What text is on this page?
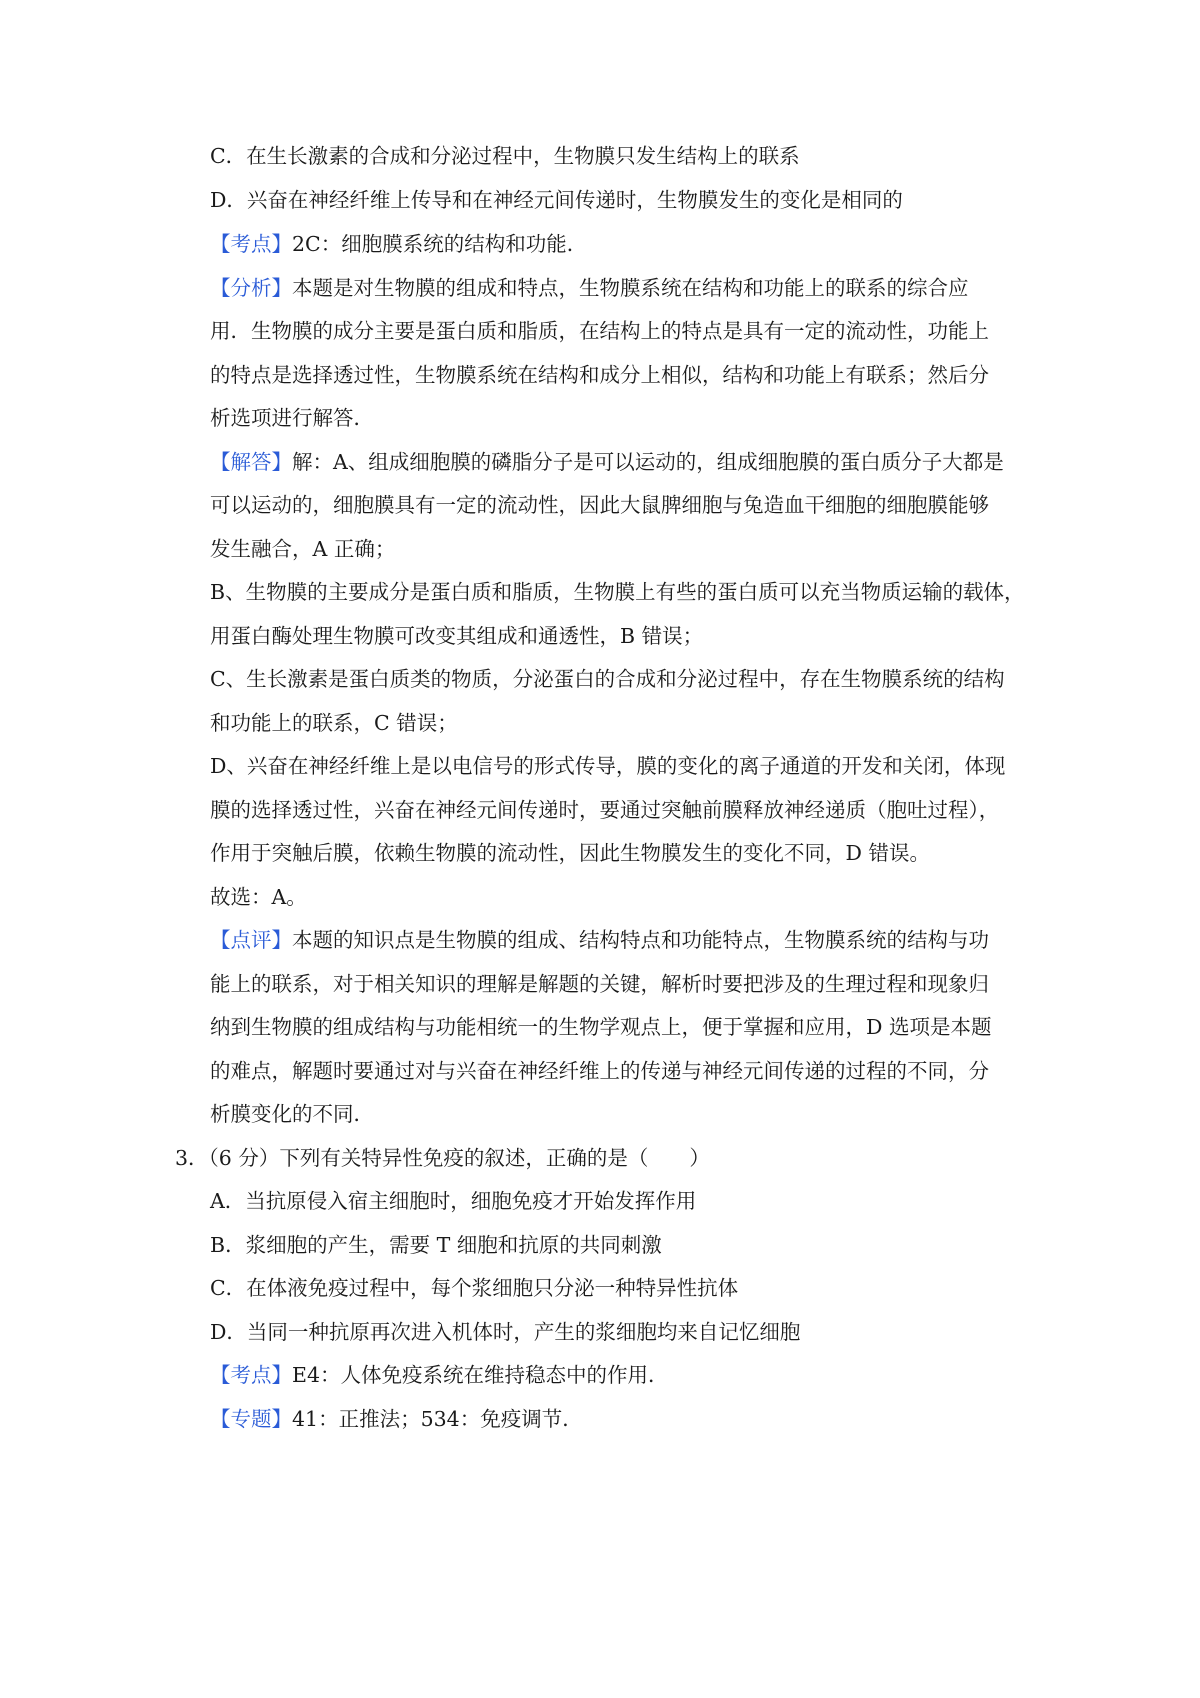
C．在生长激素的合成和分泌过程中，生物膜只发生结构上的联系
D．兴奋在神经纤维上传导和在神经元间传递时，生物膜发生的变化是相同的
【考点】2C：细胞膜系统的结构和功能．
【分析】本题是对生物膜的组成和特点，生物膜系统在结构和功能上的联系的综合应
用．生物膜的成分主要是蛋白质和脂质，在结构上的特点是具有一定的流动性，功能上
的特点是选择透过性，生物膜系统在结构和成分上相似，结构和功能上有联系；然后分
析选项进行解答．
【解答】解：A、组成细胞膜的磷脂分子是可以运动的，组成细胞膜的蛋白质分子大都是
可以运动的，细胞膜具有一定的流动性，因此大鼠脾细胞与兔造血干细胞的细胞膜能够
发生融合，A 正确；
B、生物膜的主要成分是蛋白质和脂质，生物膜上有些的蛋白质可以充当物质运输的载体，
用蛋白酶处理生物膜可改变其组成和通透性，B 错误；
C、生长激素是蛋白质类的物质，分泌蛋白的合成和分泌过程中，存在生物膜系统的结构
和功能上的联系，C 错误；
D、兴奋在神经纤维上是以电信号的形式传导，膜的变化的离子通道的开发和关闭，体现
膜的选择透过性，兴奋在神经元间传递时，要通过突触前膜释放神经递质（胞吐过程），
作用于突触后膜，依赖生物膜的流动性，因此生物膜发生的变化不同，D 错误。
故选：A。
【点评】本题的知识点是生物膜的组成、结构特点和功能特点，生物膜系统的结构与功
能上的联系，对于相关知识的理解是解题的关键，解析时要把涉及的生理过程和现象归
纳到生物膜的组成结构与功能相统一的生物学观点上，便于掌握和应用，D 选项是本题
的难点，解题时要通过对与兴奋在神经纤维上的传递与神经元间传递的过程的不同，分
析膜变化的不同．
3．（6 分）下列有关特异性免疫的叙述，正确的是（　　）
A．当抗原侵入宿主细胞时，细胞免疫才开始发挥作用
B．浆细胞的产生，需要 T 细胞和抗原的共同刺激
C．在体液免疫过程中，每个浆细胞只分泌一种特异性抗体
D．当同一种抗原再次进入机体时，产生的浆细胞均来自记忆细胞
【考点】E4：人体免疫系统在维持稳态中的作用．
【专题】41：正推法；534：免疫调节．
